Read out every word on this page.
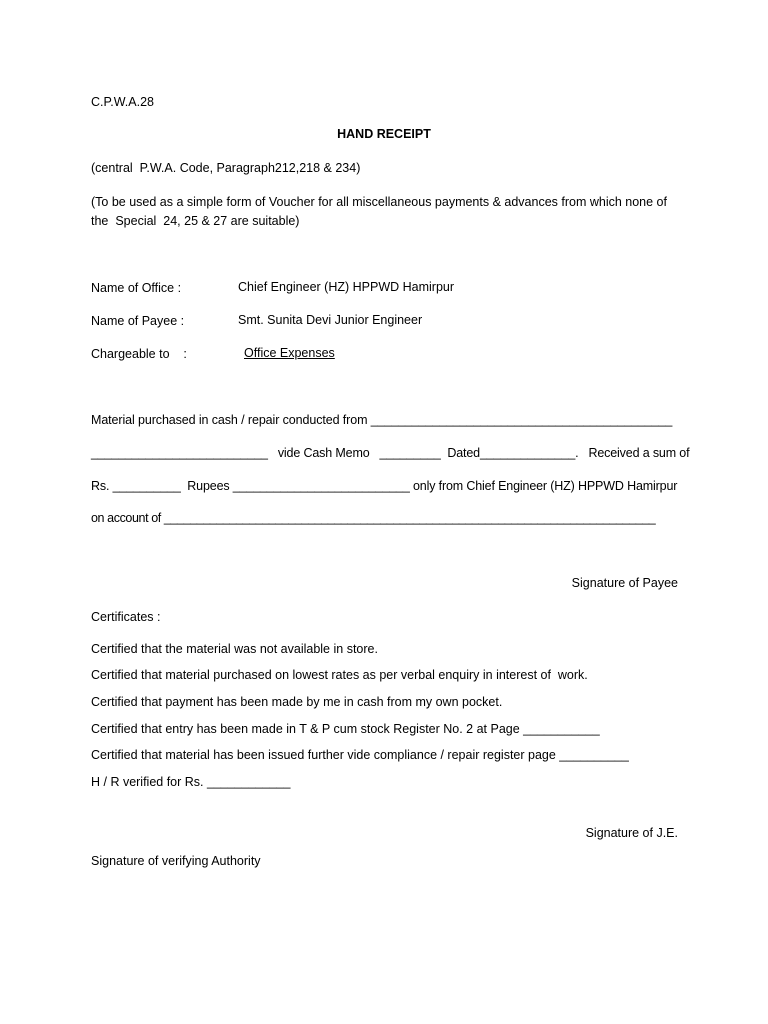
C.P.W.A.28
HAND RECEIPT
(central  P.W.A. Code, Paragraph212,218 & 234)
(To be used as a simple form of Voucher for all miscellaneous payments & advances from which none of
the  Special  24, 25 & 27 are suitable)
Name of Office :	Chief Engineer (HZ) HPPWD Hamirpur
Name of Payee :	Smt. Sunita Devi Junior Engineer
Chargeable to    :	Office Expenses
Material purchased in cash / repair conducted from ____________________________________________
__________________________   vide Cash Memo   _________  Dated______________.   Received a sum of
Rs. __________  Rupees __________________________ only from Chief Engineer (HZ) HPPWD Hamirpur
on account of ___________________________________________________________________________
Signature of Payee
Certificates :
Certified that the material was not available in store.
Certified that material purchased on lowest rates as per verbal enquiry in interest of  work.
Certified that payment has been made by me in cash from my own pocket.
Certified that entry has been made in T & P cum stock Register No. 2 at Page ___________
Certified that material has been issued further vide compliance / repair register page __________
H / R verified for Rs. ____________
Signature of J.E.
Signature of verifying Authority
